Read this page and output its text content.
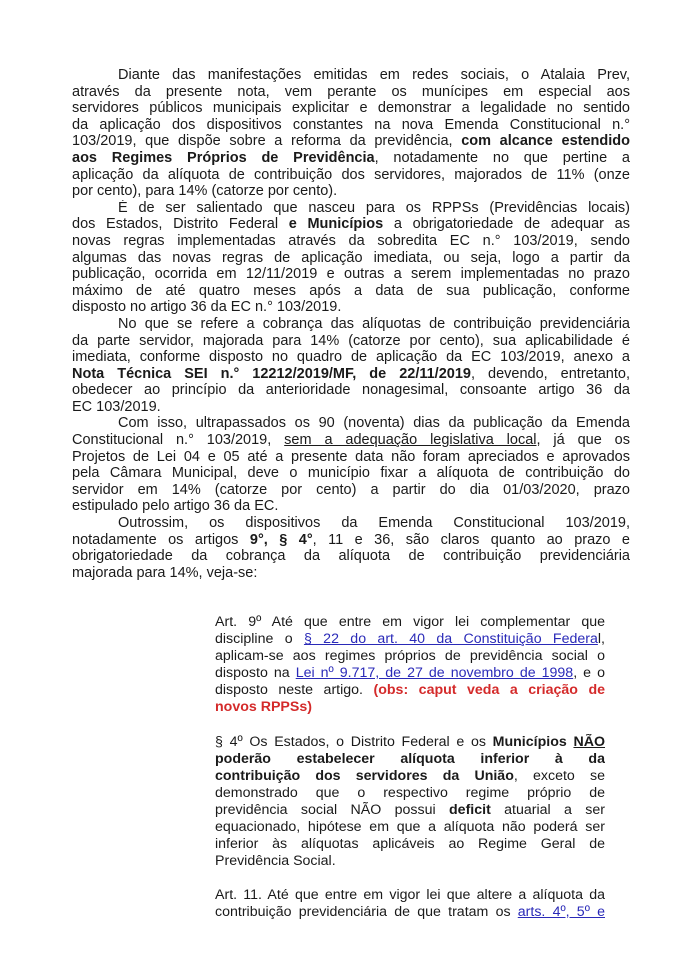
Diante das manifestações emitidas em redes sociais, o Atalaia Prev,
através da presente nota, vem perante os munícipes em especial aos
servidores públicos municipais explicitar e demonstrar a legalidade no sentido
da aplicação dos dispositivos constantes na nova Emenda Constitucional n.°
103/2019, que dispõe sobre a reforma da previdência, com alcance estendido
aos Regimes Próprios de Previdência, notadamente no que pertine a
aplicação da alíquota de contribuição dos servidores, majorados de 11% (onze
por cento), para 14% (catorze por cento).
É de ser salientado que nasceu para os RPPSs (Previdências locais)
dos Estados, Distrito Federal e Municípios a obrigatoriedade de adequar as
novas regras implementadas através da sobredita EC n.° 103/2019, sendo
algumas das novas regras de aplicação imediata, ou seja, logo a partir da
publicação, ocorrida em 12/11/2019 e outras a serem implementadas no prazo
máximo de até quatro meses após a data de sua publicação, conforme
disposto no artigo 36 da EC n.° 103/2019.
No que se refere a cobrança das alíquotas de contribuição previdenciária
da parte servidor, majorada para 14% (catorze por cento), sua aplicabilidade é
imediata, conforme disposto no quadro de aplicação da EC 103/2019, anexo a
Nota Técnica SEI n.° 12212/2019/MF, de 22/11/2019, devendo, entretanto,
obedecer ao princípio da anterioridade nonagesimal, consoante artigo 36 da
EC 103/2019.
Com isso, ultrapassados os 90 (noventa) dias da publicação da Emenda
Constitucional n.° 103/2019, sem a adequação legislativa local, já que os
Projetos de Lei 04 e 05 até a presente data não foram apreciados e aprovados
pela Câmara Municipal, deve o município fixar a alíquota de contribuição do
servidor em 14% (catorze por cento) a partir do dia 01/03/2020, prazo
estipulado pelo artigo 36 da EC.
Outrossim, os dispositivos da Emenda Constitucional 103/2019,
notadamente os artigos 9°, § 4°, 11 e 36, são claros quanto ao prazo e
obrigatoriedade da cobrança da alíquota de contribuição previdenciária
majorada para 14%, veja-se:
Art. 9º Até que entre em vigor lei complementar que
discipline o § 22 do art. 40 da Constituição Federal,
aplicam-se aos regimes próprios de previdência social o
disposto na Lei nº 9.717, de 27 de novembro de 1998, e o
disposto neste artigo. (obs: caput veda a criação de
novos RPPSs)
§ 4º Os Estados, o Distrito Federal e os Municípios NÃO
poderão estabelecer alíquota inferior à da
contribuição dos servidores da União, exceto se
demonstrado que o respectivo regime próprio de
previdência social NÃO possui deficit atuarial a ser
equacionado, hipótese em que a alíquota não poderá ser
inferior às alíquotas aplicáveis ao Regime Geral de
Previdência Social.
Art. 11. Até que entre em vigor lei que altere a alíquota da
contribuição previdenciária de que tratam os arts. 4º, 5º e
